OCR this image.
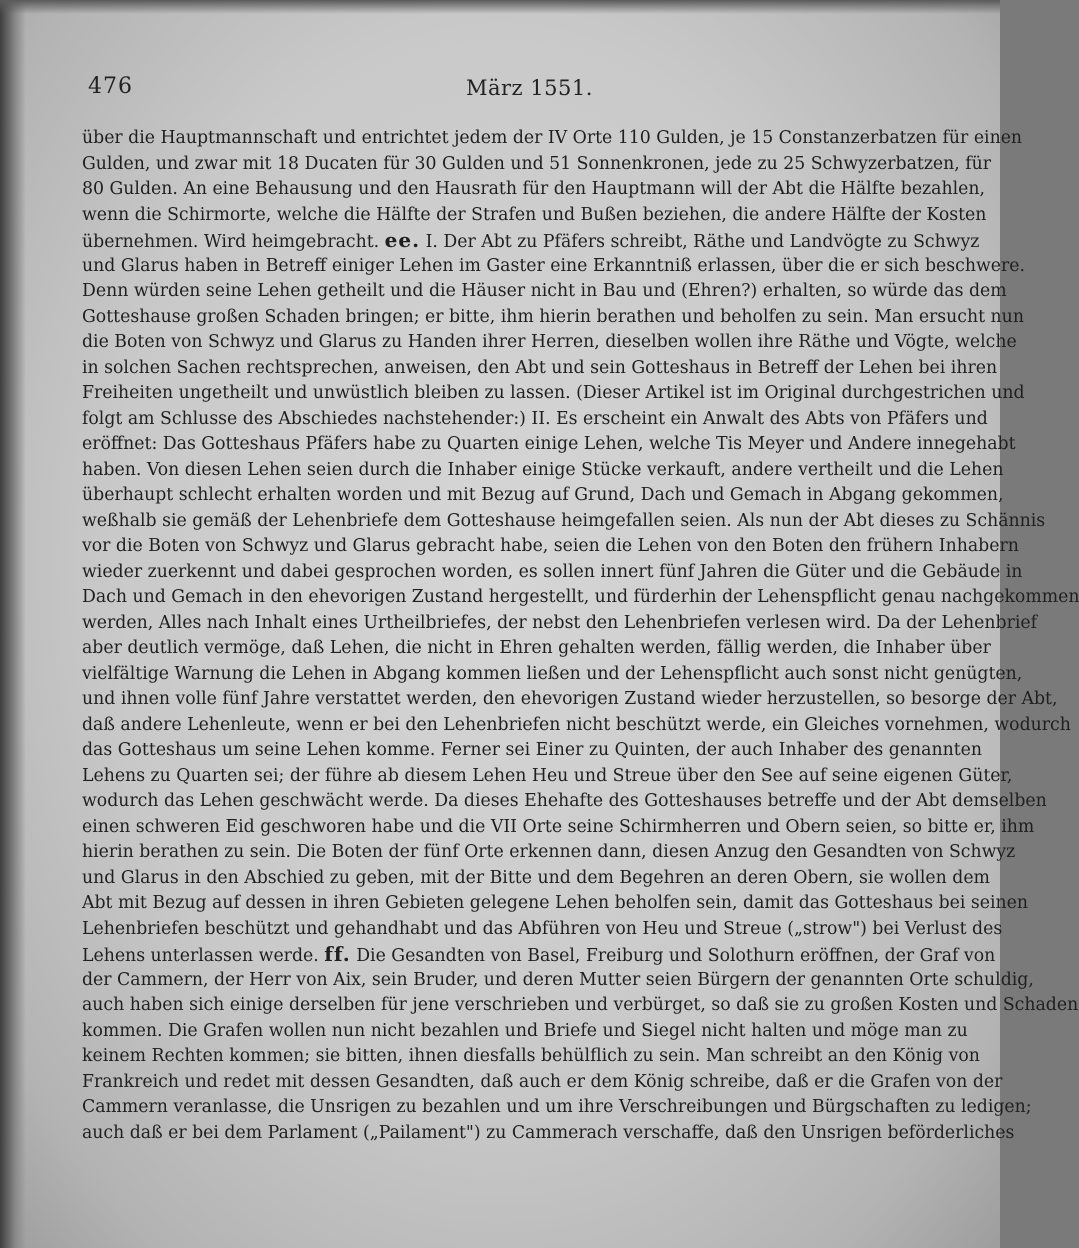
476	März 1551.
über die Hauptmannschaft und entrichtet jedem der IV Orte 110 Gulden, je 15 Constanzerbatzen für einen
Gulden, und zwar mit 18 Ducaten für 30 Gulden und 51 Sonnenkronen, jede zu 25 Schwyzerbatzen, für
80 Gulden. An eine Behausung und den Hausrath für den Hauptmann will der Abt die Hälfte bezahlen,
wenn die Schirmorte, welche die Hälfte der Strafen und Bußen beziehen, die andere Hälfte der Kosten
übernehmen. Wird heimgebracht. ee. I. Der Abt zu Pfäfers schreibt, Räthe und Landvögte zu Schwyz
und Glarus haben in Betreff einiger Lehen im Gaster eine Erkanntniß erlassen, über die er sich beschwere.
Denn würden seine Lehen getheilt und die Häuser nicht in Bau und (Ehren?) erhalten, so würde das dem
Gotteshause großen Schaden bringen; er bitte, ihm hierin berathen und beholfen zu sein. Man ersucht nun
die Boten von Schwyz und Glarus zu Handen ihrer Herren, dieselben wollen ihre Räthe und Vögte, welche
in solchen Sachen rechtsprechen, anweisen, den Abt und sein Gotteshaus in Betreff der Lehen bei ihren
Freiheiten ungetheilt und unwüstlich bleiben zu lassen. (Dieser Artikel ist im Original durchgestrichen und
folgt am Schlusse des Abschiedes nachstehender:) II. Es erscheint ein Anwalt des Abts von Pfäfers und
eröffnet: Das Gotteshaus Pfäfers habe zu Quarten einige Lehen, welche Tis Meyer und Andere innegehabt
haben. Von diesen Lehen seien durch die Inhaber einige Stücke verkauft, andere vertheilt und die Lehen
überhaupt schlecht erhalten worden und mit Bezug auf Grund, Dach und Gemach in Abgang gekommen,
weßhalb sie gemäß der Lehenbriefe dem Gotteshause heimgefallen seien. Als nun der Abt dieses zu Schännis
vor die Boten von Schwyz und Glarus gebracht habe, seien die Lehen von den Boten den frühern Inhabern
wieder zuerkennt und dabei gesprochen worden, es sollen innert fünf Jahren die Güter und die Gebäude in
Dach und Gemach in den ehevorigen Zustand hergestellt, und fürderhin der Lehenspflicht genau nachgekommen
werden, Alles nach Inhalt eines Urtheilbriefes, der nebst den Lehenbriefen verlesen wird. Da der Lehenbrief
aber deutlich vermöge, daß Lehen, die nicht in Ehren gehalten werden, fällig werden, die Inhaber über
vielfältige Warnung die Lehen in Abgang kommen ließen und der Lehenspflicht auch sonst nicht genügten,
und ihnen volle fünf Jahre verstattet werden, den ehevorigen Zustand wieder herzustellen, so besorge der Abt,
daß andere Lehenleute, wenn er bei den Lehenbriefen nicht beschützt werde, ein Gleiches vornehmen, wodurch
das Gotteshaus um seine Lehen komme. Ferner sei Einer zu Quinten, der auch Inhaber des genannten
Lehens zu Quarten sei; der führe ab diesem Lehen Heu und Streue über den See auf seine eigenen Güter,
wodurch das Lehen geschwächt werde. Da dieses Ehehafte des Gotteshauses betreffe und der Abt demselben
einen schweren Eid geschworen habe und die VII Orte seine Schirmherren und Obern seien, so bitte er, ihm
hierin berathen zu sein. Die Boten der fünf Orte erkennen dann, diesen Anzug den Gesandten von Schwyz
und Glarus in den Abschied zu geben, mit der Bitte und dem Begehren an deren Obern, sie wollen dem
Abt mit Bezug auf dessen in ihren Gebieten gelegene Lehen beholfen sein, damit das Gotteshaus bei seinen
Lehenbriefen beschützt und gehandhabt und das Abführen von Heu und Streue („strow") bei Verlust des
Lehens unterlassen werde. ff. Die Gesandten von Basel, Freiburg und Solothurn eröffnen, der Graf von
der Cammern, der Herr von Aix, sein Bruder, und deren Mutter seien Bürgern der genannten Orte schuldig,
auch haben sich einige derselben für jene verschrieben und verbürget, so daß sie zu großen Kosten und Schaden
kommen. Die Grafen wollen nun nicht bezahlen und Briefe und Siegel nicht halten und möge man zu
keinem Rechten kommen; sie bitten, ihnen diesfalls behülflich zu sein. Man schreibt an den König von
Frankreich und redet mit dessen Gesandten, daß auch er dem König schreibe, daß er die Grafen von der
Cammern veranlasse, die Unsrigen zu bezahlen und um ihre Verschreibungen und Bürgschaften zu ledigen;
auch daß er bei dem Parlament („Pailament") zu Cammerach verschaffe, daß den Unsrigen beförderliches
